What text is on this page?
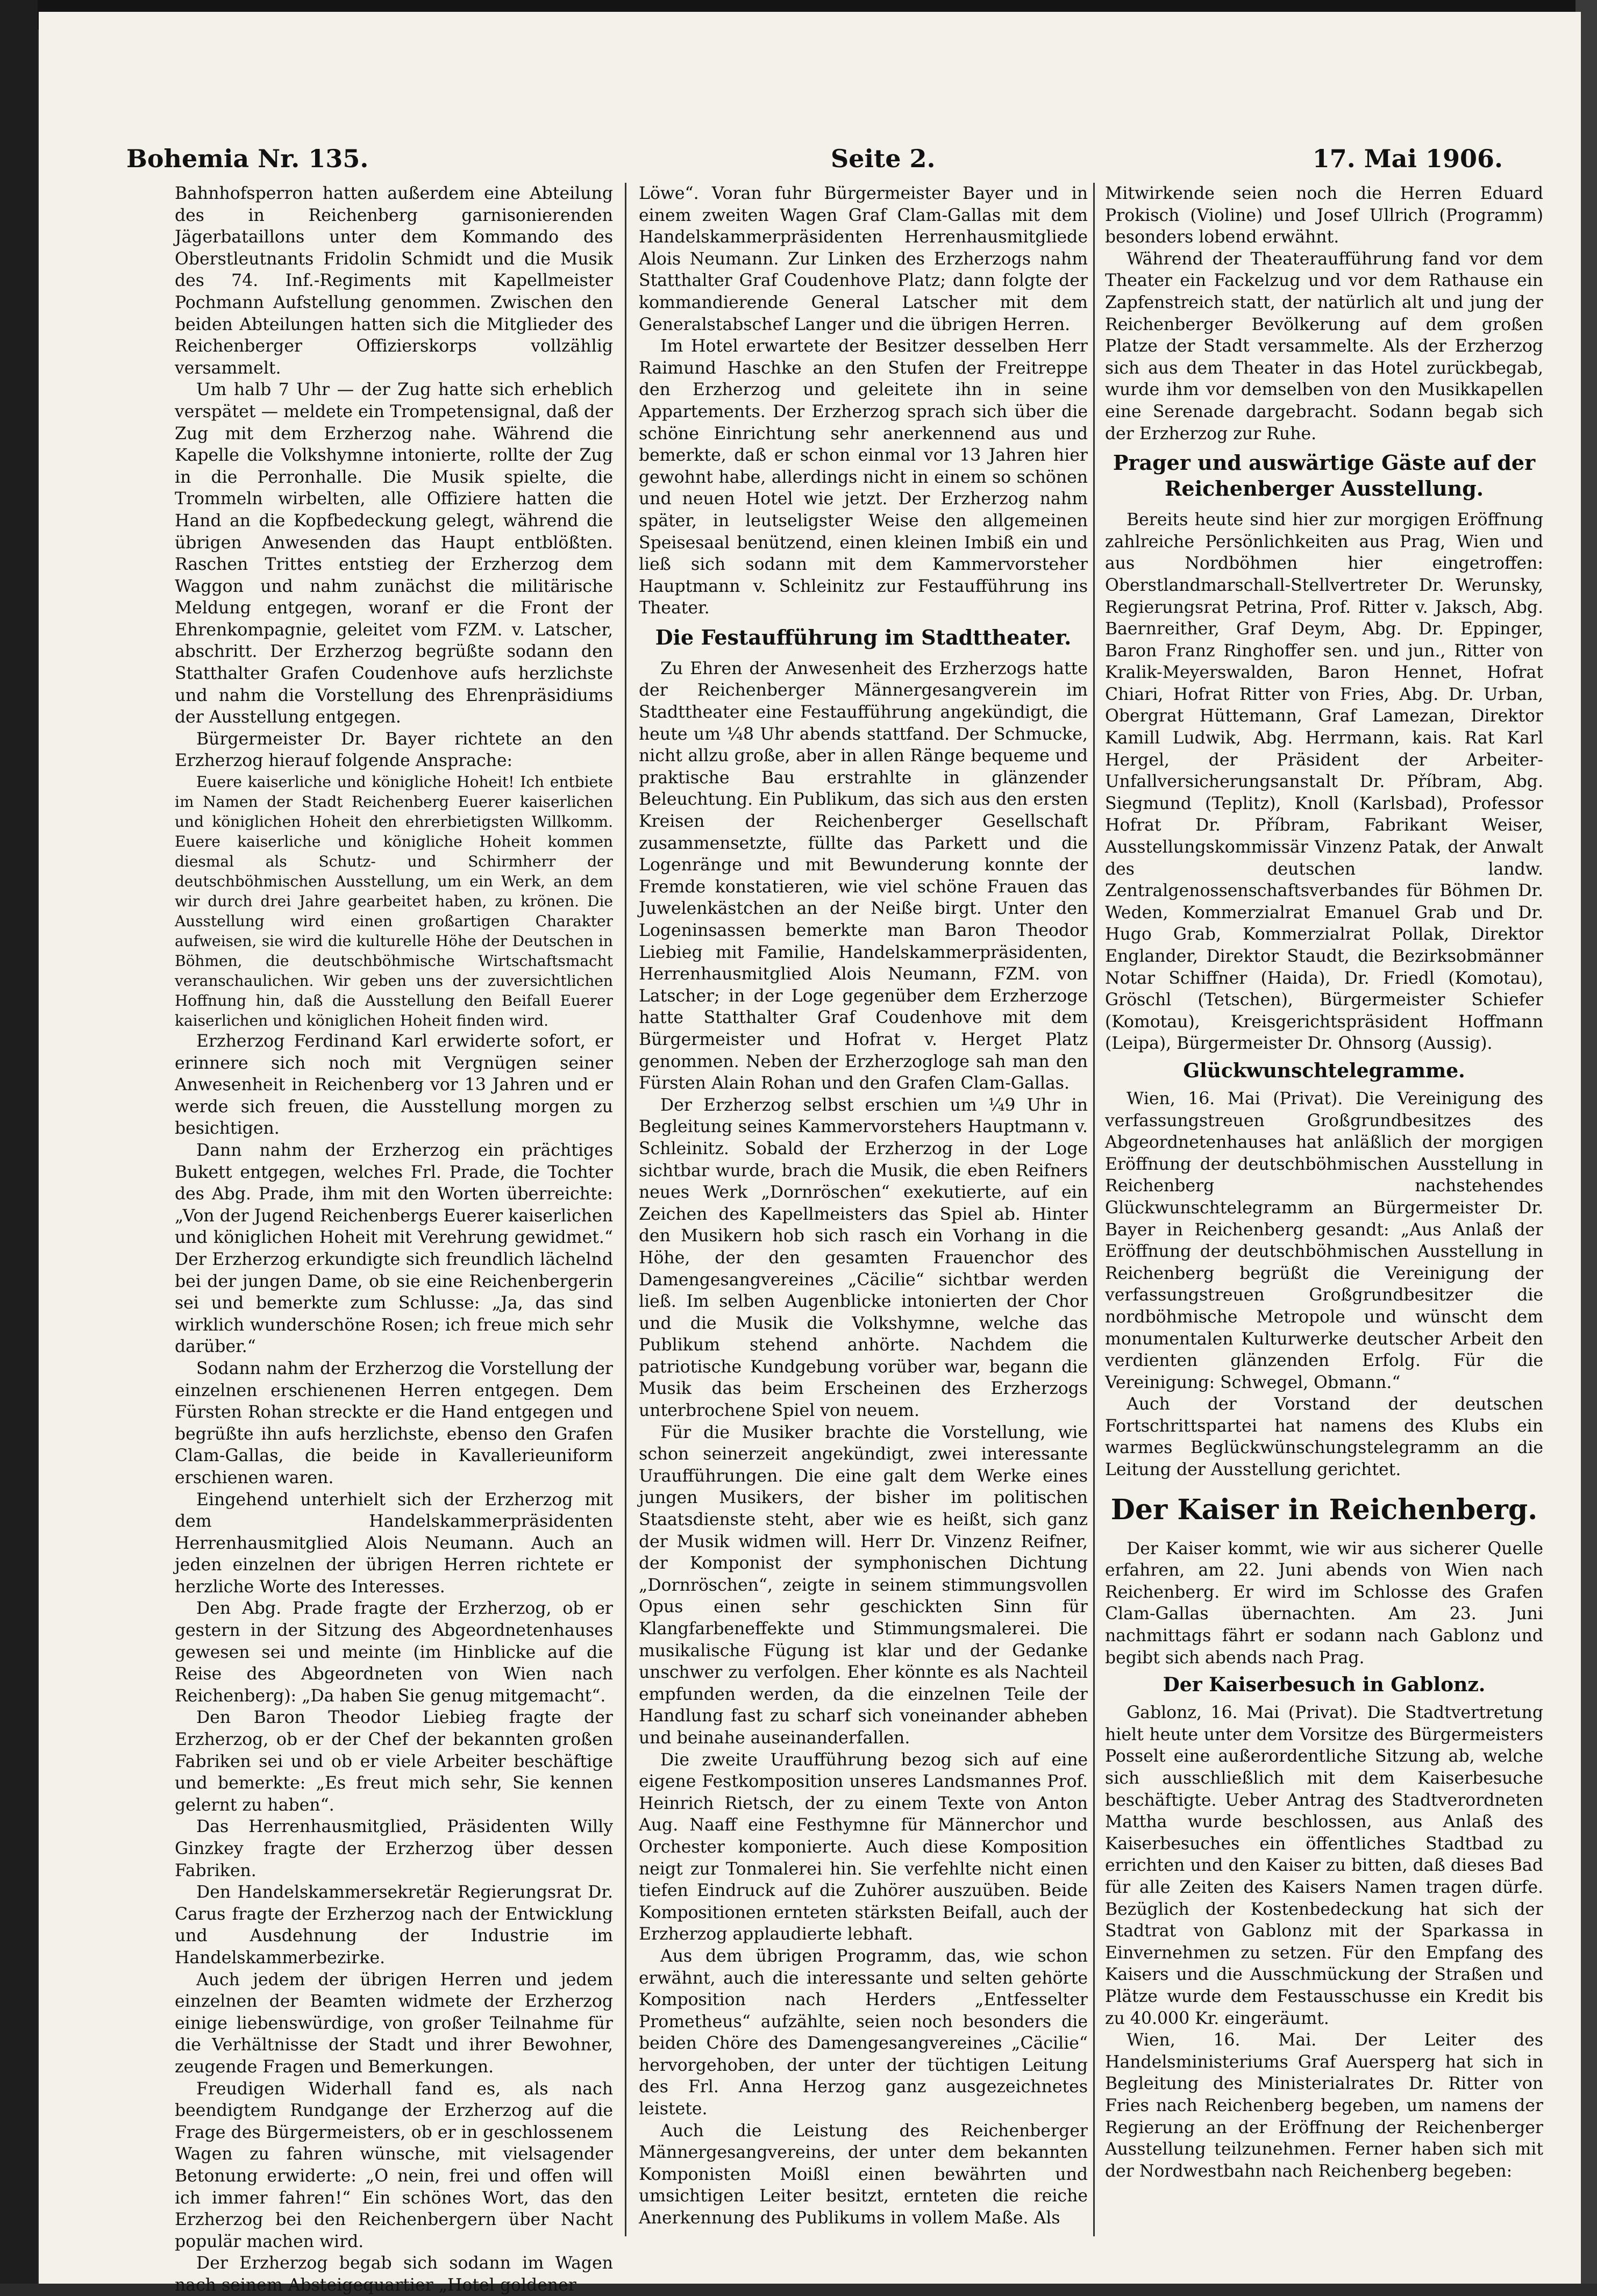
Bohemia Nr. 135.	Seite 2.	17. Mai 1906.

Bahnhofsperron hatten außerdem eine Abteilung des in Reichenberg garnisonierenden Jägerbataillons unter dem Kommando des Oberstleutnants Fridolin Schmidt und die Musik des 74. Inf.-Regiments mit Kapellmeister Pochmann Aufstellung genommen. Zwischen den beiden Abteilungen hatten sich die Mitglieder des Reichenberger Offizierskorps vollzählig versammelt.

Um halb 7 Uhr — der Zug hatte sich erheblich verspätet — meldete ein Trompetensignal, daß der Zug mit dem Erzherzog nahe. Während die Kapelle die Volkshymne intonierte, rollte der Zug in die Perronhalle. Die Musik spielte, die Trommeln wirbelten, alle Offiziere hatten die Hand an die Kopfbedeckung gelegt, während die übrigen Anwesenden das Haupt entblößten. Raschen Trittes entstieg der Erzherzog dem Waggon und nahm zunächst die militärische Meldung entgegen, woranf er die Front der Ehrenkompagnie, geleitet vom FZM. v. Latscher, abschritt. Der Erzherzog begrüßte sodann den Statthalter Grafen Coudenhove aufs herzlichste und nahm die Vorstellung des Ehrenpräsidiums der Ausstellung entgegen.

Bürgermeister Dr. Bayer richtete an den Erzherzog hierauf folgende Ansprache:

Euere kaiserliche und königliche Hoheit! Ich entbiete im Namen der Stadt Reichenberg Euerer kaiserlichen und königlichen Hoheit den ehrerbietigsten Willkomm. Euere kaiserliche und königliche Hoheit kommen diesmal als Schutz- und Schirmherr der deutschböhmischen Ausstellung, um ein Werk, an dem wir durch drei Jahre gearbeitet haben, zu krönen. Die Ausstellung wird einen großartigen Charakter aufweisen, sie wird die kulturelle Höhe der Deutschen in Böhmen, die deutschböhmische Wirtschaftsmacht veranschaulichen. Wir geben uns der zuversichtlichen Hoffnung hin, daß die Ausstellung den Beifall Euerer kaiserlichen und königlichen Hoheit finden wird.

Erzherzog Ferdinand Karl erwiderte sofort, er erinnere sich noch mit Vergnügen seiner Anwesenheit in Reichenberg vor 13 Jahren und er werde sich freuen, die Ausstellung morgen zu besichtigen.

Dann nahm der Erzherzog ein prächtiges Bukett entgegen, welches Frl. Prade, die Tochter des Abg. Prade, ihm mit den Worten überreichte: „Von der Jugend Reichenbergs Euerer kaiserlichen und königlichen Hoheit mit Verehrung gewidmet.“ Der Erzherzog erkundigte sich freundlich lächelnd bei der jungen Dame, ob sie eine Reichenbergerin sei und bemerkte zum Schlusse: „Ja, das sind wirklich wunderschöne Rosen; ich freue mich sehr darüber.“

Sodann nahm der Erzherzog die Vorstellung der einzelnen erschienenen Herren entgegen. Dem Fürsten Rohan streckte er die Hand entgegen und begrüßte ihn aufs herzlichste, ebenso den Grafen Clam-Gallas, die beide in Kavallerieuniform erschienen waren.

Eingehend unterhielt sich der Erzherzog mit dem Handelskammerpräsidenten Herrenhausmitglied Alois Neumann. Auch an jeden einzelnen der übrigen Herren richtete er herzliche Worte des Interesses.

Den Abg. Prade fragte der Erzherzog, ob er gestern in der Sitzung des Abgeordnetenhauses gewesen sei und meinte (im Hinblicke auf die Reise des Abgeordneten von Wien nach Reichenberg): „Da haben Sie genug mitgemacht“.

Den Baron Theodor Liebieg fragte der Erzherzog, ob er der Chef der bekannten großen Fabriken sei und ob er viele Arbeiter beschäftige und bemerkte: „Es freut mich sehr, Sie kennen gelernt zu haben“.

Das Herrenhausmitglied, Präsidenten Willy Ginzkey fragte der Erzherzog über dessen Fabriken.

Den Handelskammersekretär Regierungsrat Dr. Carus fragte der Erzherzog nach der Entwicklung und Ausdehnung der Industrie im Handelskammerbezirke.

Auch jedem der übrigen Herren und jedem einzelnen der Beamten widmete der Erzherzog einige liebenswürdige, von großer Teilnahme für die Verhältnisse der Stadt und ihrer Bewohner, zeugende Fragen und Bemerkungen.

Freudigen Widerhall fand es, als nach beendigtem Rundgange der Erzherzog auf die Frage des Bürgermeisters, ob er in geschlossenem Wagen zu fahren wünsche, mit vielsagender Betonung erwiderte: „O nein, frei und offen will ich immer fahren!“ Ein schönes Wort, das den Erzherzog bei den Reichenbergern über Nacht populär machen wird.

Der Erzherzog begab sich sodann im Wagen nach seinem Absteigequartier „Hotel goldener

Löwe“. Voran fuhr Bürgermeister Bayer und in einem zweiten Wagen Graf Clam-Gallas mit dem Handelskammerpräsidenten Herrenhausmitgliede Alois Neumann. Zur Linken des Erzherzogs nahm Statthalter Graf Coudenhove Platz; dann folgte der kommandierende General Latscher mit dem Generalstabschef Langer und die übrigen Herren.

Im Hotel erwartete der Besitzer desselben Herr Raimund Haschke an den Stufen der Freitreppe den Erzherzog und geleitete ihn in seine Appartements. Der Erzherzog sprach sich über die schöne Einrichtung sehr anerkennend aus und bemerkte, daß er schon einmal vor 13 Jahren hier gewohnt habe, allerdings nicht in einem so schönen und neuen Hotel wie jetzt. Der Erzherzog nahm später, in leutseligster Weise den allgemeinen Speisesaal benützend, einen kleinen Imbiß ein und ließ sich sodann mit dem Kammervorsteher Hauptmann v. Schleinitz zur Festaufführung ins Theater.

Die Festaufführung im Stadttheater.

Zu Ehren der Anwesenheit des Erzherzogs hatte der Reichenberger Männergesangverein im Stadttheater eine Festaufführung angekündigt, die heute um ¼8 Uhr abends stattfand. Der Schmucke, nicht allzu große, aber in allen Ränge bequeme und praktische Bau erstrahlte in glänzender Beleuchtung. Ein Publikum, das sich aus den ersten Kreisen der Reichenberger Gesellschaft zusammensetzte, füllte das Parkett und die Logenränge und mit Bewunderung konnte der Fremde konstatieren, wie viel schöne Frauen das Juwelenkästchen an der Neiße birgt. Unter den Logeninsassen bemerkte man Baron Theodor Liebieg mit Familie, Handelskammerpräsidenten, Herrenhausmitglied Alois Neumann, FZM. von Latscher; in der Loge gegenüber dem Erzherzoge hatte Statthalter Graf Coudenhove mit dem Bürgermeister und Hofrat v. Herget Platz genommen. Neben der Erzherzogloge sah man den Fürsten Alain Rohan und den Grafen Clam-Gallas.

Der Erzherzog selbst erschien um ¼9 Uhr in Begleitung seines Kammervorstehers Hauptmann v. Schleinitz. Sobald der Erzherzog in der Loge sichtbar wurde, brach die Musik, die eben Reifners neues Werk „Dornröschen“ exekutierte, auf ein Zeichen des Kapellmeisters das Spiel ab. Hinter den Musikern hob sich rasch ein Vorhang in die Höhe, der den gesamten Frauenchor des Damengesangvereines „Cäcilie“ sichtbar werden ließ. Im selben Augenblicke intonierten der Chor und die Musik die Volkshymne, welche das Publikum stehend anhörte. Nachdem die patriotische Kundgebung vorüber war, begann die Musik das beim Erscheinen des Erzherzogs unterbrochene Spiel von neuem.

Für die Musiker brachte die Vorstellung, wie schon seinerzeit angekündigt, zwei interessante Uraufführungen. Die eine galt dem Werke eines jungen Musikers, der bisher im politischen Staatsdienste steht, aber wie es heißt, sich ganz der Musik widmen will. Herr Dr. Vinzenz Reifner, der Komponist der symphonischen Dichtung „Dornröschen“, zeigte in seinem stimmungsvollen Opus einen sehr geschickten Sinn für Klangfarbeneffekte und Stimmungsmalerei. Die musikalische Fügung ist klar und der Gedanke unschwer zu verfolgen. Eher könnte es als Nachteil empfunden werden, da die einzelnen Teile der Handlung fast zu scharf sich voneinander abheben und beinahe auseinanderfallen.

Die zweite Uraufführung bezog sich auf eine eigene Festkomposition unseres Landsmannes Prof. Heinrich Rietsch, der zu einem Texte von Anton Aug. Naaff eine Festhymne für Männerchor und Orchester komponierte. Auch diese Komposition neigt zur Tonmalerei hin. Sie verfehlte nicht einen tiefen Eindruck auf die Zuhörer auszuüben. Beide Kompositionen ernteten stärksten Beifall, auch der Erzherzog applaudierte lebhaft.

Aus dem übrigen Programm, das, wie schon erwähnt, auch die interessante und selten gehörte Komposition nach Herders „Entfesselter Prometheus“ aufzählte, seien noch besonders die beiden Chöre des Damengesangvereines „Cäcilie“ hervorgehoben, der unter der tüchtigen Leitung des Frl. Anna Herzog ganz ausgezeichnetes leistete.

Auch die Leistung des Reichenberger Männergesangvereins, der unter dem bekannten Komponisten Moißl einen bewährten und umsichtigen Leiter besitzt, ernteten die reiche Anerkennung des Publikums in vollem Maße. Als

Mitwirkende seien noch die Herren Eduard Prokisch (Violine) und Josef Ullrich (Programm) besonders lobend erwähnt.

Während der Theateraufführung fand vor dem Theater ein Fackelzug und vor dem Rathause ein Zapfenstreich statt, der natürlich alt und jung der Reichenberger Bevölkerung auf dem großen Platze der Stadt versammelte. Als der Erzherzog sich aus dem Theater in das Hotel zurückbegab, wurde ihm vor demselben von den Musikkapellen eine Serenade dargebracht. Sodann begab sich der Erzherzog zur Ruhe.

Prager und auswärtige Gäste auf der Reichenberger Ausstellung.

Bereits heute sind hier zur morgigen Eröffnung zahlreiche Persönlichkeiten aus Prag, Wien und aus Nordböhmen hier eingetroffen: Oberstlandmarschall-Stellvertreter Dr. Werunsky, Regierungsrat Petrina, Prof. Ritter v. Jaksch, Abg. Baernreither, Graf Deym, Abg. Dr. Eppinger, Baron Franz Ringhoffer sen. und jun., Ritter von Kralik-Meyerswalden, Baron Hennet, Hofrat Chiari, Hofrat Ritter von Fries, Abg. Dr. Urban, Obergrat Hüttemann, Graf Lamezan, Direktor Kamill Ludwik, Abg. Herrmann, kais. Rat Karl Hergel, der Präsident der Arbeiter-Unfallversicherungsanstalt Dr. Příbram, Abg. Siegmund (Teplitz), Knoll (Karlsbad), Professor Hofrat Dr. Příbram, Fabrikant Weiser, Ausstellungskommissär Vinzenz Patak, der Anwalt des deutschen landw. Zentralgenossenschaftsverbandes für Böhmen Dr. Weden, Kommerzialrat Emanuel Grab und Dr. Hugo Grab, Kommerzialrat Pollak, Direktor Englander, Direktor Staudt, die Bezirksobmänner Notar Schiffner (Haida), Dr. Friedl (Komotau), Gröschl (Tetschen), Bürgermeister Schiefer (Komotau), Kreisgerichtspräsident Hoffmann (Leipa), Bürgermeister Dr. Ohnsorg (Aussig).

Glückwunschtelegramme.

Wien, 16. Mai (Privat). Die Vereinigung des verfassungstreuen Großgrundbesitzes des Abgeordnetenhauses hat anläßlich der morgigen Eröffnung der deutschböhmischen Ausstellung in Reichenberg nachstehendes Glückwunschtelegramm an Bürgermeister Dr. Bayer in Reichenberg gesandt: „Aus Anlaß der Eröffnung der deutschböhmischen Ausstellung in Reichenberg begrüßt die Vereinigung der verfassungstreuen Großgrundbesitzer die nordböhmische Metropole und wünscht dem monumentalen Kulturwerke deutscher Arbeit den verdienten glänzenden Erfolg. Für die Vereinigung: Schwegel, Obmann.“

Auch der Vorstand der deutschen Fortschrittspartei hat namens des Klubs ein warmes Beglückwünschungstelegramm an die Leitung der Ausstellung gerichtet.

Der Kaiser in Reichenberg.

Der Kaiser kommt, wie wir aus sicherer Quelle erfahren, am 22. Juni abends von Wien nach Reichenberg. Er wird im Schlosse des Grafen Clam-Gallas übernachten. Am 23. Juni nachmittags fährt er sodann nach Gablonz und begibt sich abends nach Prag.

Der Kaiserbesuch in Gablonz.

Gablonz, 16. Mai (Privat). Die Stadtvertretung hielt heute unter dem Vorsitze des Bürgermeisters Posselt eine außerordentliche Sitzung ab, welche sich ausschließlich mit dem Kaiserbesuche beschäftigte. Ueber Antrag des Stadtverordneten Mattha wurde beschlossen, aus Anlaß des Kaiserbesuches ein öffentliches Stadtbad zu errichten und den Kaiser zu bitten, daß dieses Bad für alle Zeiten des Kaisers Namen tragen dürfe. Bezüglich der Kostenbedeckung hat sich der Stadtrat von Gablonz mit der Sparkassa in Einvernehmen zu setzen. Für den Empfang des Kaisers und die Ausschmückung der Straßen und Plätze wurde dem Festausschusse ein Kredit bis zu 40.000 Kr. eingeräumt.

Wien, 16. Mai. Der Leiter des Handelsministeriums Graf Auersperg hat sich in Begleitung des Ministerialrates Dr. Ritter von Fries nach Reichenberg begeben, um namens der Regierung an der Eröffnung der Reichenberger Ausstellung teilzunehmen. Ferner haben sich mit der Nordwestbahn nach Reichenberg begeben:
